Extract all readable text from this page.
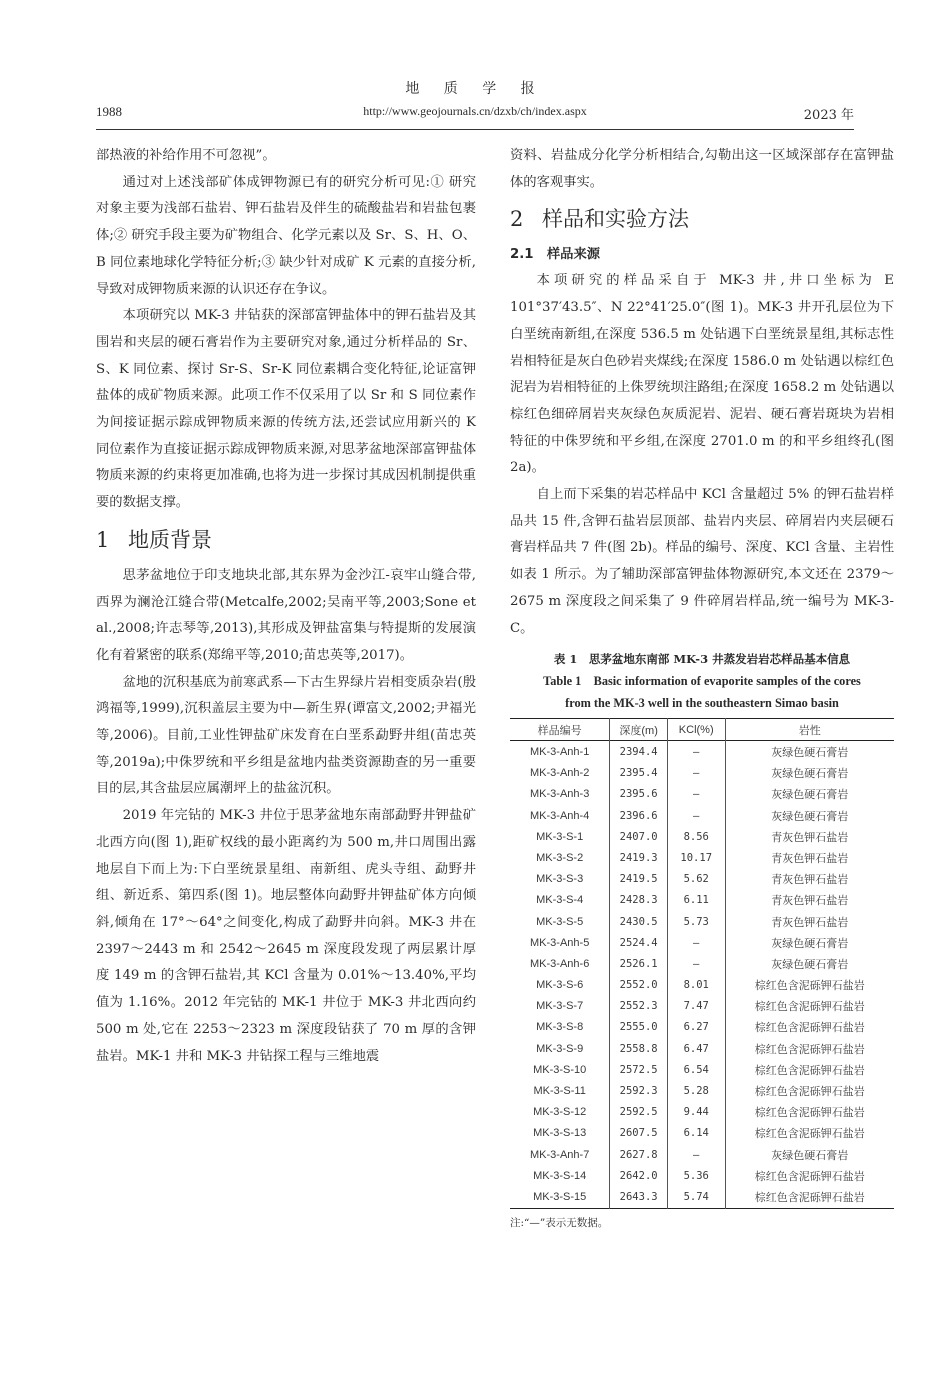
地 质 学 报
1988	http://www.geojournals.cn/dzxb/ch/index.aspx	2023 年

部热液的补给作用不可忽视”。

通过对上述浅部矿体成钾物源已有的研究分析可见:① 研究对象主要为浅部石盐岩、钾石盐岩及伴生的硫酸盐岩和岩盐包裹体;② 研究手段主要为矿物组合、化学元素以及 Sr、S、H、O、B 同位素地球化学特征分析;③ 缺少针对成矿 K 元素的直接分析,导致对成钾物质来源的认识还存在争议。

本项研究以 MK-3 井钻获的深部富钾盐体中的钾石盐岩及其围岩和夹层的硬石膏岩作为主要研究对象,通过分析样品的 Sr、S、K 同位素、探讨 Sr-S、Sr-K 同位素耦合变化特征,论证富钾盐体的成矿物质来源。此项工作不仅采用了以 Sr 和 S 同位素作为间接证据示踪成钾物质来源的传统方法,还尝试应用新兴的 K 同位素作为直接证据示踪成钾物质来源,对思茅盆地深部富钾盐体物质来源的约束将更加准确,也将为进一步探讨其成因机制提供重要的数据支撑。

1 地质背景

思茅盆地位于印支地块北部,其东界为金沙江-哀牢山缝合带,西界为澜沧江缝合带(Metcalfe,2002;吴南平等,2003;Sone et al.,2008;许志琴等,2013),其形成及钾盐富集与特提斯的发展演化有着紧密的联系(郑绵平等,2010;苗忠英等,2017)。

盆地的沉积基底为前寒武系—下古生界绿片岩相变质杂岩(殷鸿福等,1999),沉积盖层主要为中—新生界(谭富文,2002;尹福光等,2006)。目前,工业性钾盐矿床发育在白垩系勐野井组(苗忠英等,2019a);中侏罗统和平乡组是盆地内盐类资源勘查的另一重要目的层,其含盐层应属潮坪上的盐盆沉积。

2019 年完钻的 MK-3 井位于思茅盆地东南部勐野井钾盐矿北西方向(图 1),距矿权线的最小距离约为 500 m,井口周围出露地层自下而上为:下白垩统景星组、南新组、虎头寺组、勐野井组、新近系、第四系(图 1)。地层整体向勐野井钾盐矿体方向倾斜,倾角在 17°～64°之间变化,构成了勐野井向斜。MK-3 井在 2397～2443 m 和 2542～2645 m 深度段发现了两层累计厚度 149 m 的含钾石盐岩,其 KCl 含量为 0.01%～13.40%,平均值为 1.16%。2012 年完钻的 MK-1 井位于 MK-3 井北西向约 500 m 处,它在 2253～2323 m 深度段钻获了 70 m 厚的含钾盐岩。MK-1 井和 MK-3 井钻探工程与三维地震

资料、岩盐成分化学分析相结合,勾勒出这一区域深部存在富钾盐体的客观事实。

2 样品和实验方法
2.1　样品来源

本项研究的样品采自于 MK-3 井,井口坐标为 E 101°37′43.5″、N 22°41′25.0″(图 1)。MK-3 井开孔层位为下白垩统南新组,在深度 536.5 m 处钻遇下白垩统景星组,其标志性岩相特征是灰白色砂岩夹煤线;在深度 1586.0 m 处钻遇以棕红色泥岩为岩相特征的上侏罗统坝注路组;在深度 1658.2 m 处钻遇以棕红色细碎屑岩夹灰绿色灰质泥岩、泥岩、硬石膏岩斑块为岩相特征的中侏罗统和平乡组,在深度 2701.0 m 的和平乡组终孔(图 2a)。

自上而下采集的岩芯样品中 KCl 含量超过 5% 的钾石盐岩样品共 15 件,含钾石盐岩层顶部、盐岩内夹层、碎屑岩内夹层硬石膏岩样品共 7 件(图 2b)。样品的编号、深度、KCl 含量、主岩性如表 1 所示。为了辅助深部富钾盐体物源研究,本文还在 2379～2675 m 深度段之间采集了 9 件碎屑岩样品,统一编号为 MK-3-C。

表 1　思茅盆地东南部 MK-3 井蒸发岩岩芯样品基本信息
Table 1　Basic information of evaporite samples of the cores
from the MK-3 well in the southeastern Simao basin
样品编号	深度(m)	KCl(%)	岩性
MK-3-Anh-1	2394.4	—	灰绿色硬石膏岩
MK-3-Anh-2	2395.4	—	灰绿色硬石膏岩
MK-3-Anh-3	2395.6	—	灰绿色硬石膏岩
MK-3-Anh-4	2396.6	—	灰绿色硬石膏岩
MK-3-S-1	2407.0	8.56	青灰色钾石盐岩
MK-3-S-2	2419.3	10.17	青灰色钾石盐岩
MK-3-S-3	2419.5	5.62	青灰色钾石盐岩
MK-3-S-4	2428.3	6.11	青灰色钾石盐岩
MK-3-S-5	2430.5	5.73	青灰色钾石盐岩
MK-3-Anh-5	2524.4	—	灰绿色硬石膏岩
MK-3-Anh-6	2526.1	—	灰绿色硬石膏岩
MK-3-S-6	2552.0	8.01	棕红色含泥砾钾石盐岩
MK-3-S-7	2552.3	7.47	棕红色含泥砾钾石盐岩
MK-3-S-8	2555.0	6.27	棕红色含泥砾钾石盐岩
MK-3-S-9	2558.8	6.47	棕红色含泥砾钾石盐岩
MK-3-S-10	2572.5	6.54	棕红色含泥砾钾石盐岩
MK-3-S-11	2592.3	5.28	棕红色含泥砾钾石盐岩
MK-3-S-12	2592.5	9.44	棕红色含泥砾钾石盐岩
MK-3-S-13	2607.5	6.14	棕红色含泥砾钾石盐岩
MK-3-Anh-7	2627.8	—	灰绿色硬石膏岩
MK-3-S-14	2642.0	5.36	棕红色含泥砾钾石盐岩
MK-3-S-15	2643.3	5.74	棕红色含泥砾钾石盐岩
注:“—”表示无数据。
